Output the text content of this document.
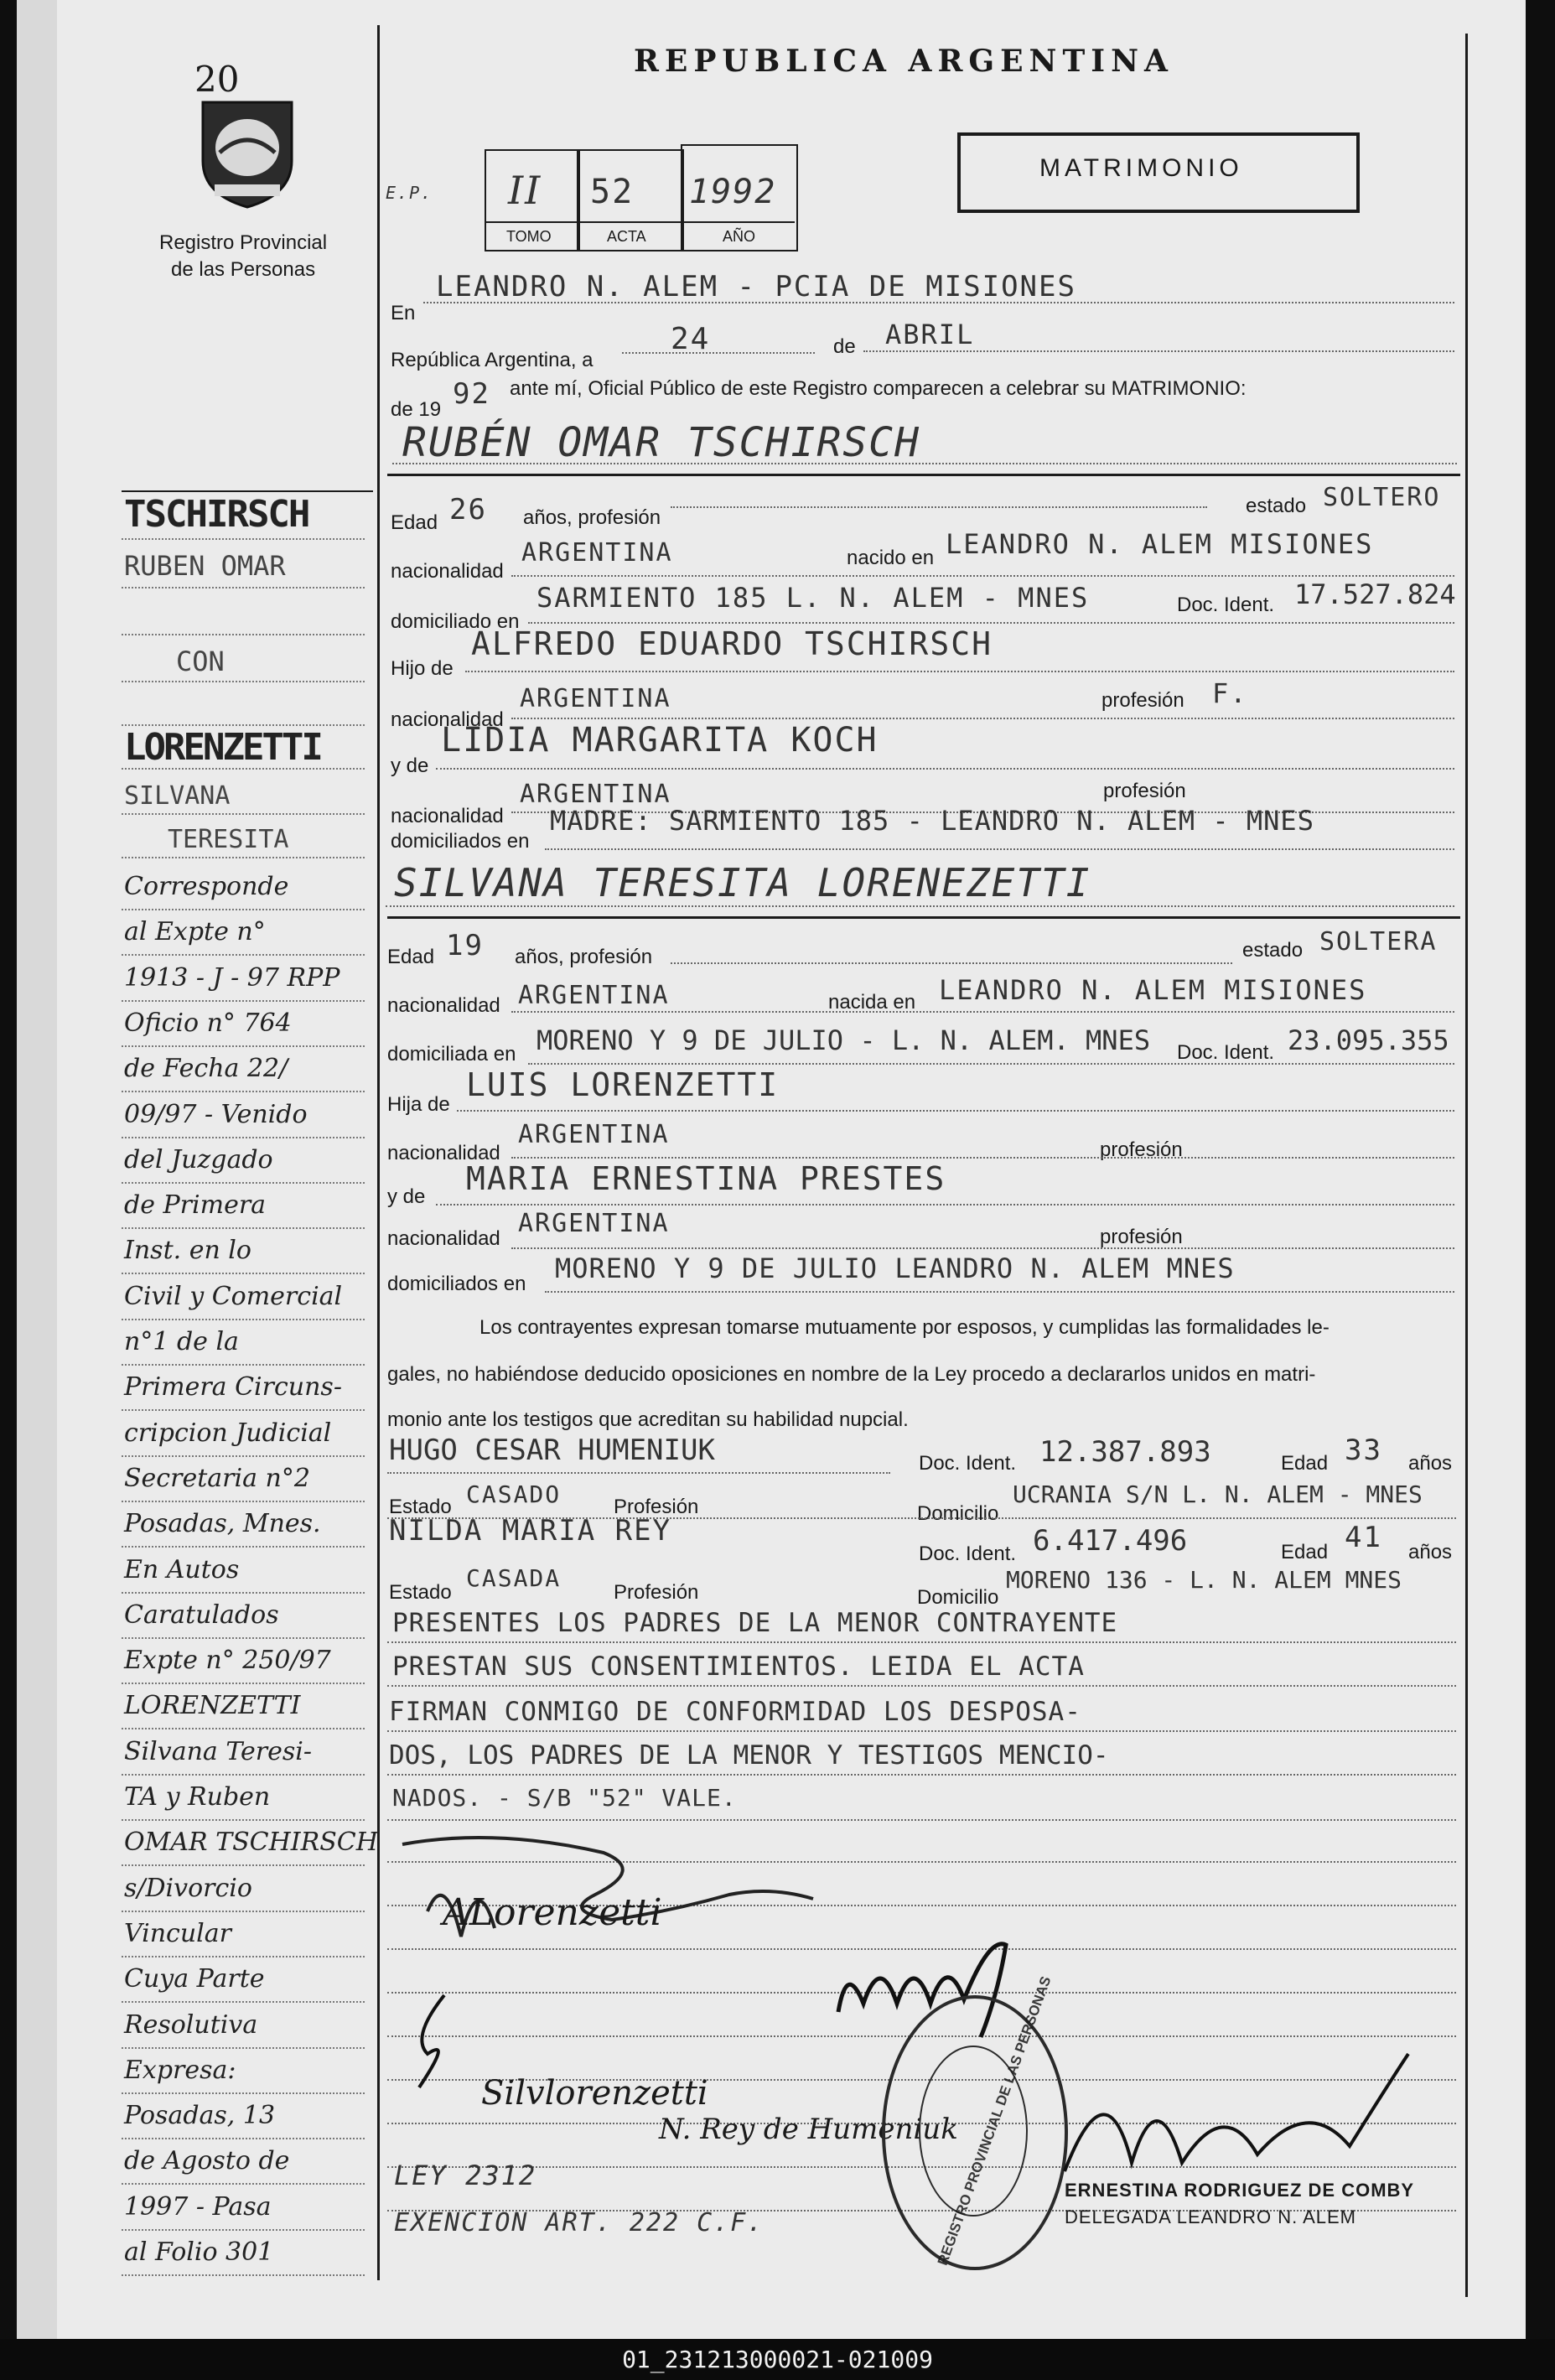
20
Registro Provincial
de las Personas
REPUBLICA ARGENTINA
E.P. II 52 1992
TOMO	ACTA	AÑO
MATRIMONIO
En
LEANDRO N. ALEM - PCIA DE MISIONES
República Argentina, a
24	de ABRIL
de 19 92 ante mí, Oficial Público de este Registro comparecen a celebrar su MATRIMONIO:
RUBÉN OMAR TSCHIRSCH
Edad 26 años, profesión
estado SOLTERO
nacionalidad
ARGENTINA	nacido en LEANDRO N. ALEM MISIONES
domiciliado en
SARMIENTO 185 L. N. ALEM - MNES	Doc. Ident. 17.527.824
Hijo de
ALFREDO EDUARDO TSCHIRSCH
nacionalidad
ARGENTINA	profesión F.
y de
LIDIA MARGARITA KOCH
nacionalidad
ARGENTINA	profesión
domiciliados en
MADRE: SARMIENTO 185 - LEANDRO N. ALEM - MNES
SILVANA TERESITA LORENEZETTI
Edad 19 años, profesión	estado SOLTERA
nacionalidad ARGENTINA	nacida en LEANDRO N. ALEM MISIONES
domiciliada en MORENO Y 9 DE JULIO - L. N. ALEM. MNES Doc. Ident. 23.095.355
Hija de
LUIS LORENZETTI
nacionalidad
ARGENTINA
profesión
y de MARIA ERNESTINA PRESTES
nacionalidad
ARGENTINA	profesión
domiciliados en MORENO Y 9 DE JULIO LEANDRO N. ALEM MNES
Los contrayentes expresan tomarse mutuamente por esposos, y cumplidas las formalidades le-
gales, no habiéndose deducido oposiciones en nombre de la Ley procedo a declararlos unidos en matri-
monio ante los testigos que acreditan su habilidad nupcial.
HUGO CESAR HUMENIUK	Doc. Ident. 12.387.893	Edad 33 años
Estado CASADO	Profesión	Domicilio
UCRANIA S/N L. N. ALEM - MNES
NILDA MARIA REY
Doc. Ident. 6.417.496	Edad 41 años
Estado
CASADA
Profesión	Domicilio
MORENO 136 - L. N. ALEM MNES
PRESENTES LOS PADRES DE LA MENOR CONTRAYENTE
PRESTAN SUS CONSENTIMIENTOS. LEIDA EL ACTA
FIRMAN CONMIGO DE CONFORMIDAD LOS DESPOSA-
DOS, LOS PADRES DE LA MENOR Y TESTIGOS MENCIO-
NADOS. - S/B "52" VALE.
ALorenzetti
Silvlorenzetti
N. Rey de Humeniuk
REGISTRO PROVINCIAL DE LAS PERSONAS ERNESTINA RODRIGUEZ DE COMBY
DELEGADA LEANDRO N. ALEM
LEY 2312
EXENCION ART. 222 C.F.
TSCHIRSCH
RUBEN OMAR
CON
LORENZETTI
SILVANA
TERESITA
Corresponde
al Expte n°
1913 - J - 97 RPP
Oficio n° 764
de Fecha 22/
09/97 - Venido
del Juzgado
de Primera
Inst. en lo
Civil y Comercial
n°1 de la
Primera Circuns-
cripcion Judicial
Secretaria n°2
Posadas, Mnes.
En Autos
Caratulados
Expte n° 250/97
LORENZETTI
Silvana Teresi-
TA y Ruben
OMAR TSCHIRSCH
s/Divorcio
Vincular
Cuya Parte
Resolutiva
Expresa:
Posadas, 13
de Agosto de
1997 - Pasa
al Folio 301
01_231213000021-021009
